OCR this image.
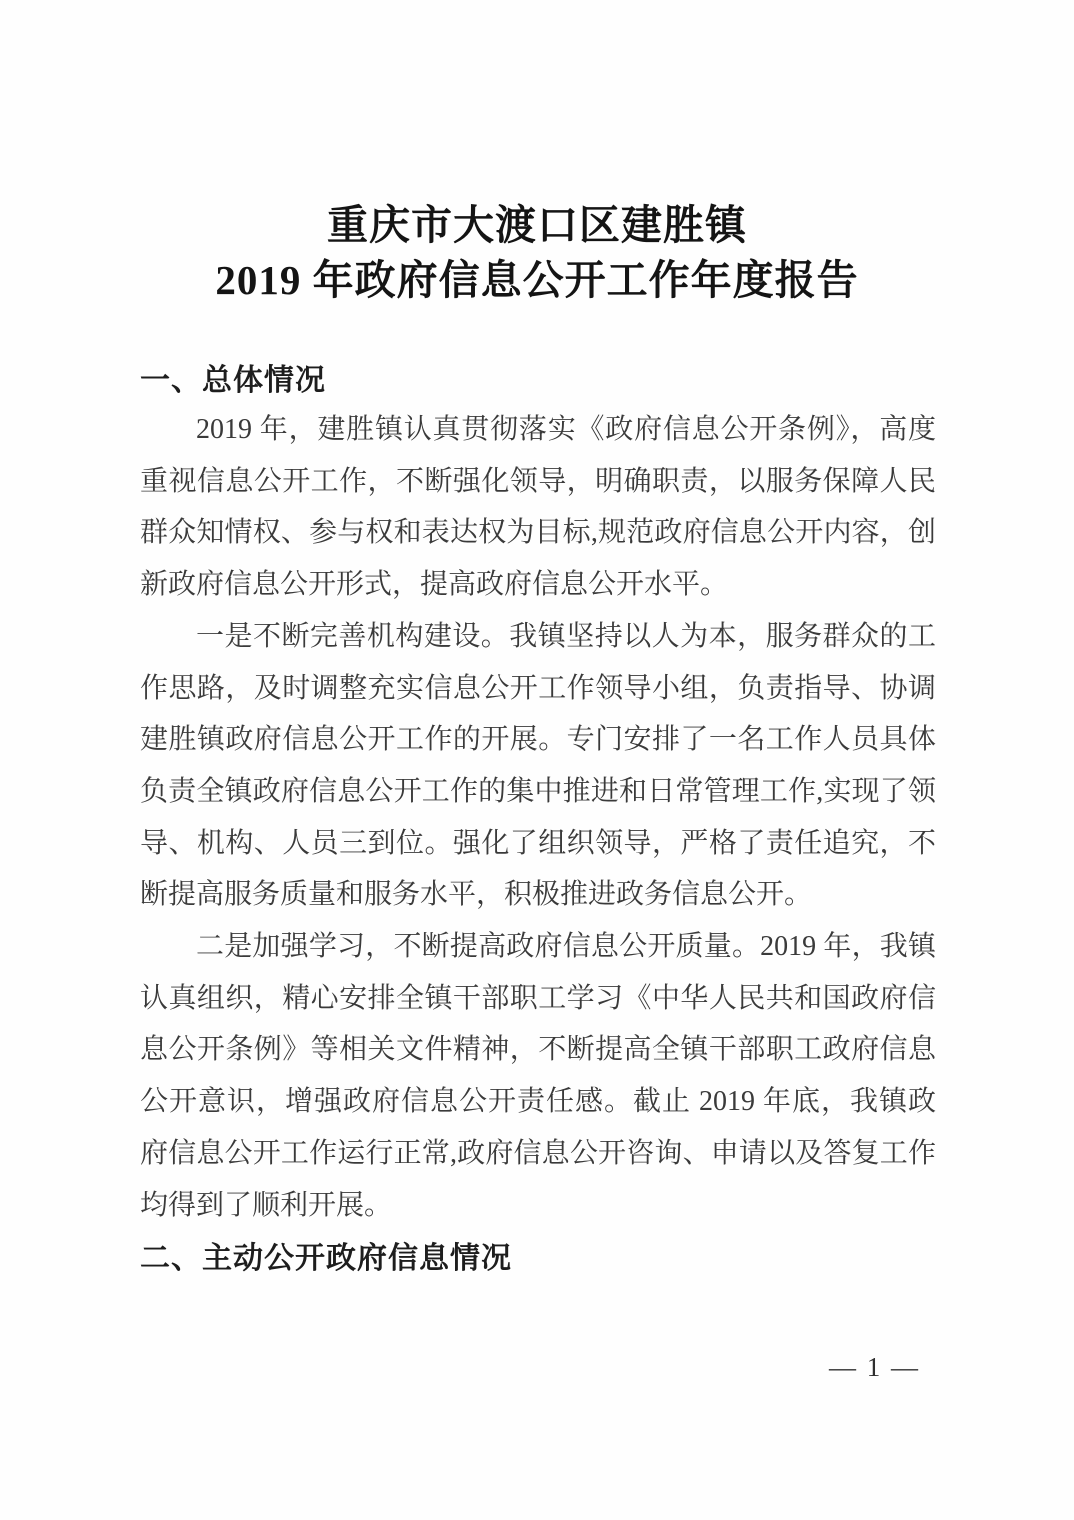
重庆市大渡口区建胜镇
2019 年政府信息公开工作年度报告
一、总体情况

2019 年，建胜镇认真贯彻落实《政府信息公开条例》，高度重视信息公开工作，不断强化领导，明确职责，以服务保障人民群众知情权、参与权和表达权为目标,规范政府信息公开内容，创新政府信息公开形式，提高政府信息公开水平。

一是不断完善机构建设。我镇坚持以人为本，服务群众的工作思路，及时调整充实信息公开工作领导小组，负责指导、协调建胜镇政府信息公开工作的开展。专门安排了一名工作人员具体负责全镇政府信息公开工作的集中推进和日常管理工作,实现了领导、机构、人员三到位。强化了组织领导，严格了责任追究，不断提高服务质量和服务水平，积极推进政务信息公开。

二是加强学习，不断提高政府信息公开质量。2019 年，我镇认真组织，精心安排全镇干部职工学习《中华人民共和国政府信息公开条例》等相关文件精神，不断提高全镇干部职工政府信息公开意识，增强政府信息公开责任感。截止 2019 年底，我镇政府信息公开工作运行正常,政府信息公开咨询、申请以及答复工作均得到了顺利开展。

二、主动公开政府信息情况
— 1 —
